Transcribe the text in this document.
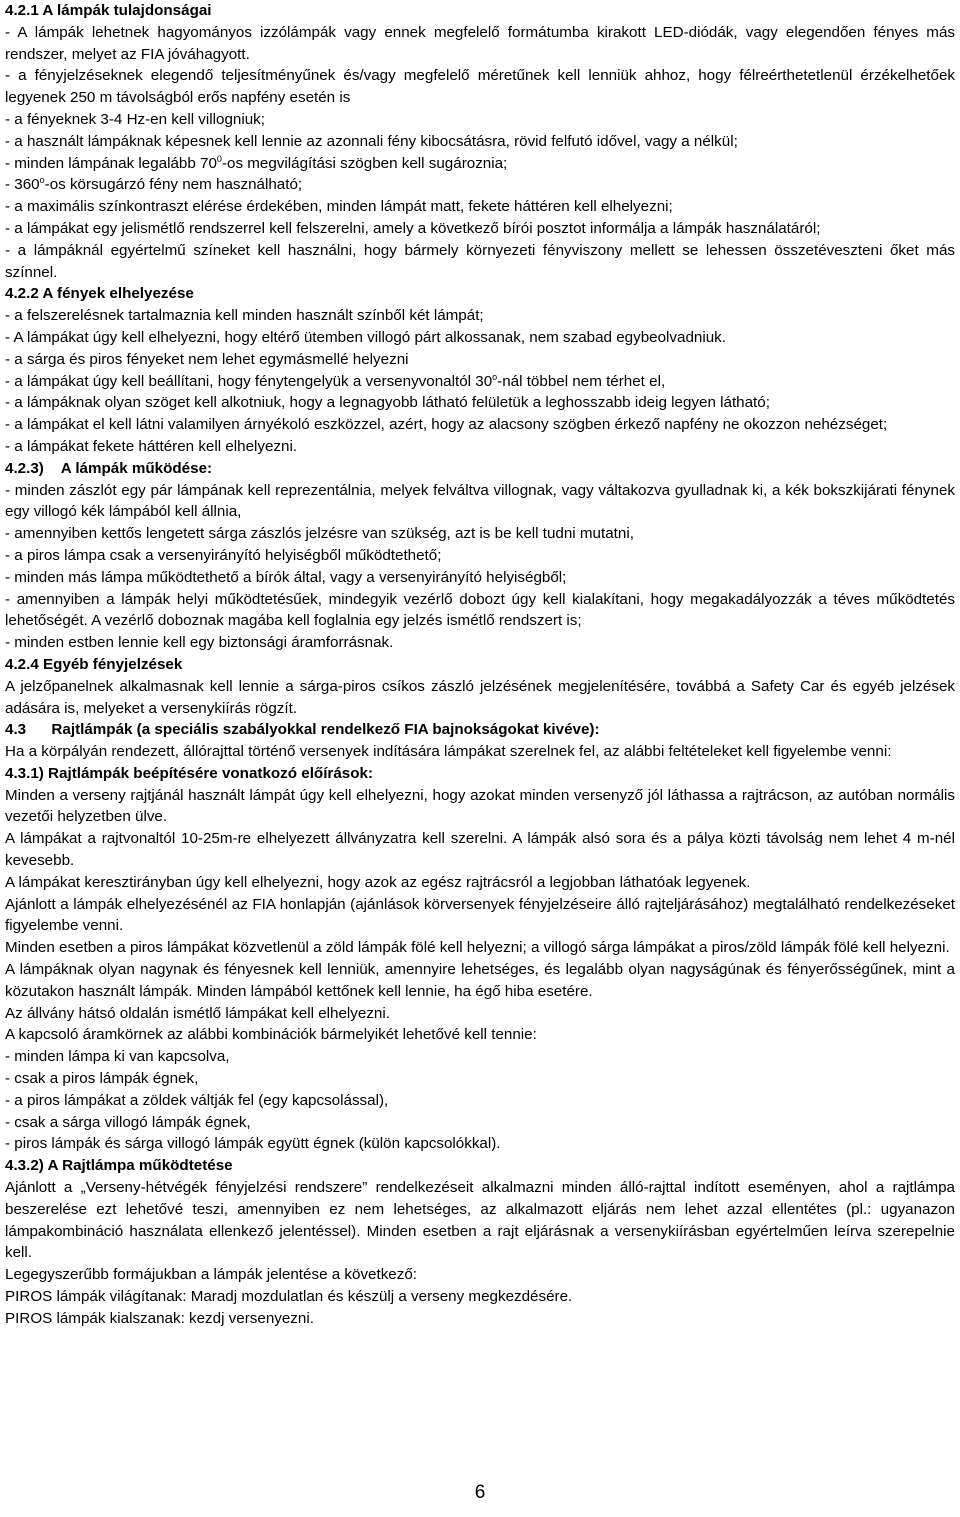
4.2.1 A lámpák tulajdonságai

- A lámpák lehetnek hagyományos izzólámpák vagy ennek megfelelő formátumba kirakott LED-diódák, vagy elegendően fényes más rendszer, melyet az FIA jóváhagyott.

- a fényjelzéseknek elegendő teljesítményűnek és/vagy megfelelő méretűnek kell lenniük ahhoz, hogy félreérthetetlenül érzékelhetőek legyenek 250 m távolságból erős napfény esetén is

- a fényeknek 3-4 Hz-en kell villogniuk;

- a használt lámpáknak képesnek kell lennie az azonnali fény kibocsátásra, rövid felfutó idővel, vagy a nélkül;

- minden lámpának legalább $70^0-os$ megvilágítási szögben kell sugároznia;

- 360$^o$-os körsugárzó fény nem használható;

- a maximális színkontraszt elérése érdekében, minden lámpát matt, fekete háttéren kell elhelyezni;

- a lámpákat egy jelismétlő rendszerrel kell felszerelni, amely a következő bírói posztot informálja a lámpák használatáról;

- a lámpáknál egyértelmű színeket kell használni, hogy bármely környezeti fényviszony mellett se lehessen összetéveszteni őket más színnel.

4.2.2 A fények elhelyezése

- a felszerelésnek tartalmaznia kell minden használt színből két lámpát;

- A lámpákat úgy kell elhelyezni, hogy eltérő ütemben villogó párt alkossanak, nem szabad egybeolvadniuk.

- a sárga és piros fényeket nem lehet egymásmellé helyezni

- a lámpákat úgy kell beállítani, hogy fénytengelyük a versenyvonaltól 30$^o$-nál többel nem térhet el,

- a lámpáknak olyan szöget kell alkotniuk, hogy a legnagyobb látható felületük a leghosszabb ideig legyen látható;

- a lámpákat el kell látni valamilyen árnyékoló eszközzel, azért, hogy az alacsony szögben érkező napfény ne okozzon nehézséget;

- a lámpákat fekete háttéren kell elhelyezni.

4.2.3)    A lámpák működése:

- minden zászlót egy pár lámpának kell reprezentálnia, melyek felváltva villognak, vagy váltakozva gyulladnak ki, a kék bokszkijárati fénynek egy villogó kék lámpából kell állnia,

- amennyiben kettős lengetett sárga zászlós jelzésre van szükség, azt is be kell tudni mutatni,

- a piros lámpa csak a versenyirányító helyiségből működtethető;

- minden más lámpa működtethető a bírók által, vagy a versenyirányító helyiségből;

- amennyiben a lámpák helyi működtetésűek, mindegyik vezérlő dobozt úgy kell kialakítani, hogy megakadályozzák a téves működtetés lehetőségét. A vezérlő doboznak magába kell foglalnia egy jelzés ismétlő rendszert is;

- minden estben lennie kell egy biztonsági áramforrásnak.

4.2.4 Egyéb fényjelzések

A jelzőpanelnek alkalmasnak kell lennie a sárga-piros csíkos zászló jelzésének megjelenítésére, továbbá a Safety Car és egyéb jelzések adására is, melyeket a versenykiírás rögzít.

4.3      Rajtlámpák (a speciális szabályokkal rendelkező FIA bajnokságokat kivéve):

Ha a körpályán rendezett, állórajttal történő versenyek indítására lámpákat szerelnek fel, az alábbi feltételeket kell figyelembe venni:

4.3.1) Rajtlámpák beépítésére vonatkozó előírások:

Minden a verseny rajtjánál használt lámpát úgy kell elhelyezni, hogy azokat minden versenyző jól láthassa a rajtrácson, az autóban normális vezetői helyzetben ülve.

A lámpákat a rajtvonaltól 10-25m-re elhelyezett állványzatra kell szerelni. A lámpák alsó sora és a pálya közti távolság nem lehet 4 m-nél kevesebb.

A lámpákat keresztirányban úgy kell elhelyezni, hogy azok az egész rajtrácsról a legjobban láthatóak legyenek.

Ajánlott a lámpák elhelyezésénél az FIA honlapján (ajánlások körversenyek fényjelzéseire álló rajteljárásához) megtalálható rendelkezéseket figyelembe venni.

Minden esetben a piros lámpákat közvetlenül a zöld lámpák fölé kell helyezni; a villogó sárga lámpákat a piros/zöld lámpák fölé kell helyezni.

A lámpáknak olyan nagynak és fényesnek kell lenniük, amennyire lehetséges, és legalább olyan nagyságúnak és fényerősségűnek, mint a közutakon használt lámpák. Minden lámpából kettőnek kell lennie, ha égő hiba esetére.

Az állvány hátsó oldalán ismétlő lámpákat kell elhelyezni.

A kapcsoló áramkörnek az alábbi kombinációk bármelyikét lehetővé kell tennie:

- minden lámpa ki van kapcsolva,

- csak a piros lámpák égnek,

- a piros lámpákat a zöldek váltják fel (egy kapcsolással),

- csak a sárga villogó lámpák égnek,

- piros lámpák és sárga villogó lámpák együtt égnek (külön kapcsolókkal).

4.3.2) A Rajtlámpa működtetése

Ajánlott a „Verseny-hétvégék fényjelzési rendszere” rendelkezéseit alkalmazni minden álló-rajttal indított eseményen, ahol a rajtlámpa beszerelése ezt lehetővé teszi, amennyiben ez nem lehetséges, az alkalmazott eljárás nem lehet azzal ellentétes (pl.: ugyanazon lámpakombináció használata ellenkező jelentéssel). Minden esetben a rajt eljárásnak a versenykiírásban egyértelműen leírva szerepelnie kell.

Legegyszerűbb formájukban a lámpák jelentése a következő:

PIROS lámpák világítanak: Maradj mozdulatlan és készülj a verseny megkezdésére.

PIROS lámpák kialszanak: kezdj versenyezni.

6
